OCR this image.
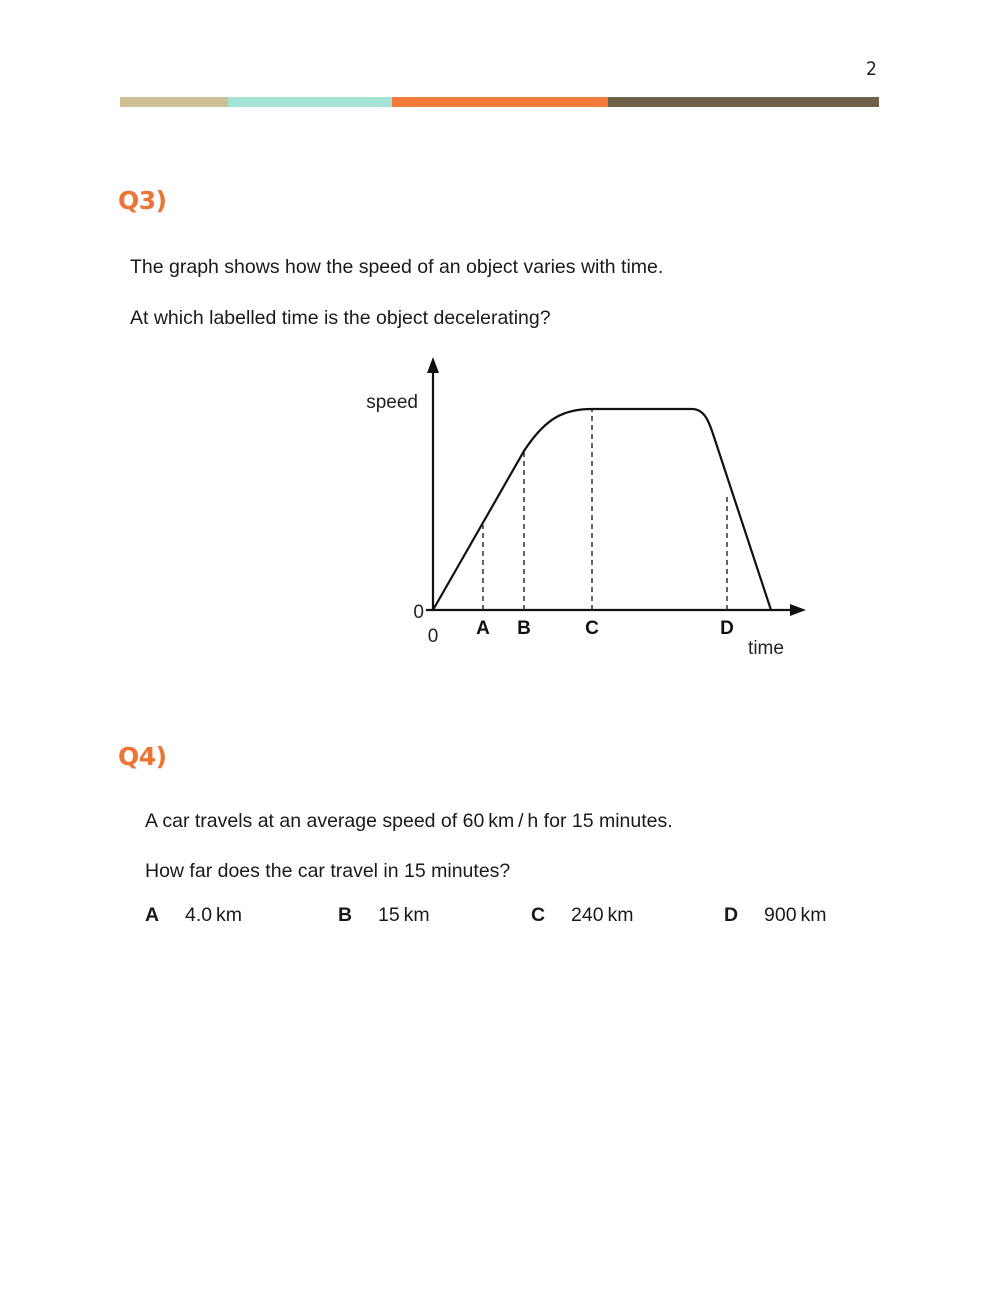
2
Q3)
The graph shows how the speed of an object varies with time.
At which labelled time is the object decelerating?
speed
time
0
0 A B	C	D
Q4)
A car travels at an average speed of 60 km / h for 15 minutes.
How far does the car travel in 15 minutes?
A 4.0 km	B 15 km	C 240 km	D 900 km
